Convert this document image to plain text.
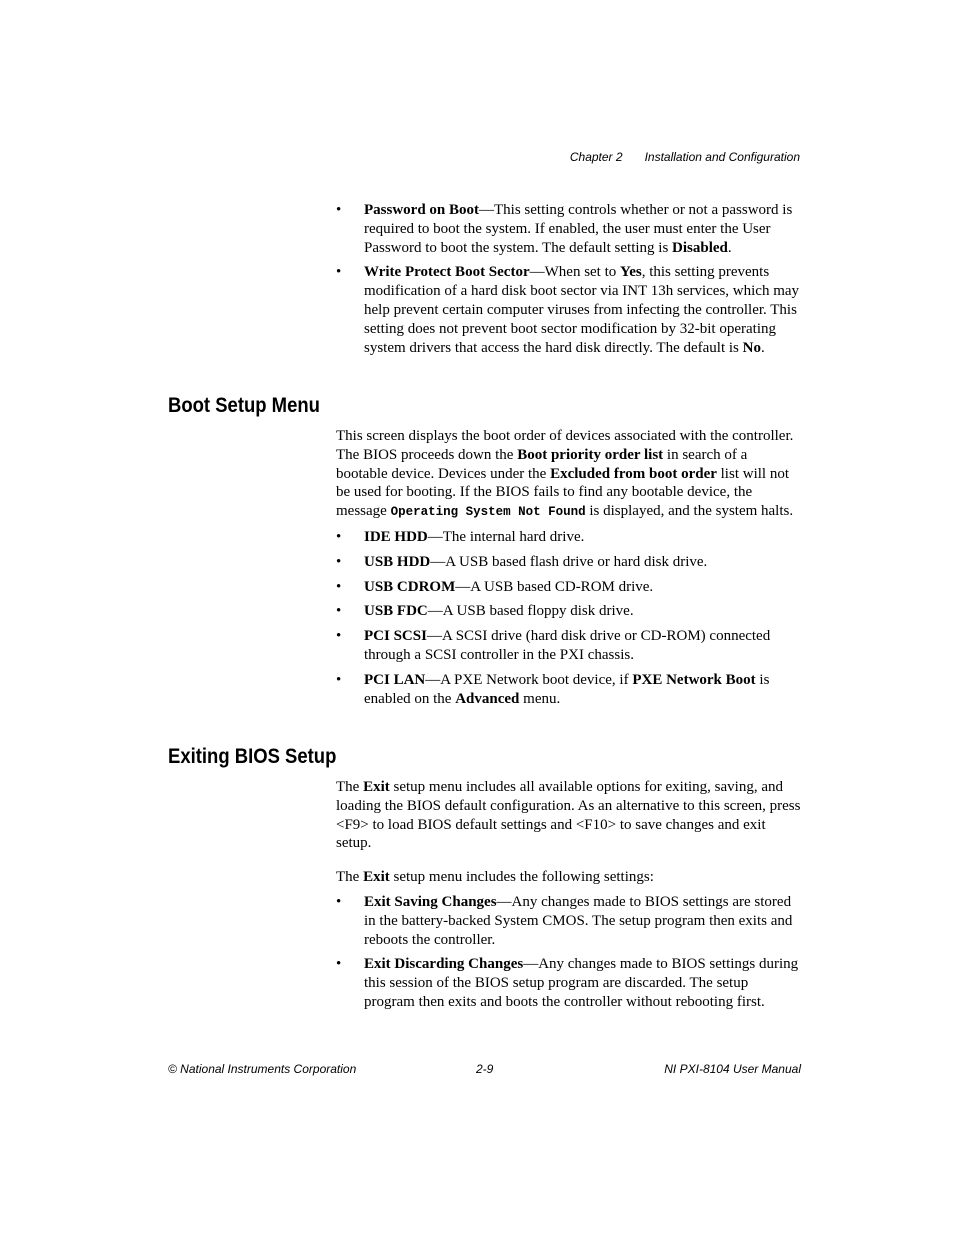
Chapter 2 Installation and Configuration
• Password on Boot—This setting controls whether or not a password is required to boot the system. If enabled, the user must enter the User Password to boot the system. The default setting is Disabled.
• Write Protect Boot Sector—When set to Yes, this setting prevents modification of a hard disk boot sector via INT 13h services, which may help prevent certain computer viruses from infecting the controller. This setting does not prevent boot sector modification by 32-bit operating system drivers that access the hard disk directly. The default is No.
Boot Setup Menu

This screen displays the boot order of devices associated with the controller. The BIOS proceeds down the Boot priority order list in search of a bootable device. Devices under the Excluded from boot order list will not be used for booting. If the BIOS fails to find any bootable device, the message Operating System Not Found is displayed, and the system halts.

• IDE HDD—The internal hard drive.
• USB HDD—A USB based flash drive or hard disk drive.
• USB CDROM—A USB based CD-ROM drive.
• USB FDC—A USB based floppy disk drive.
• PCI SCSI—A SCSI drive (hard disk drive or CD-ROM) connected through a SCSI controller in the PXI chassis.
• PCI LAN—A PXE Network boot device, if PXE Network Boot is enabled on the Advanced menu.
Exiting BIOS Setup

The Exit setup menu includes all available options for exiting, saving, and loading the BIOS default configuration. As an alternative to this screen, press <F9> to load BIOS default settings and <F10> to save changes and exit setup.

The Exit setup menu includes the following settings:

• Exit Saving Changes—Any changes made to BIOS settings are stored in the battery-backed System CMOS. The setup program then exits and reboots the controller.
• Exit Discarding Changes—Any changes made to BIOS settings during this session of the BIOS setup program are discarded. The setup program then exits and boots the controller without rebooting first.
© National Instruments Corporation	2-9	NI PXI-8104 User Manual
